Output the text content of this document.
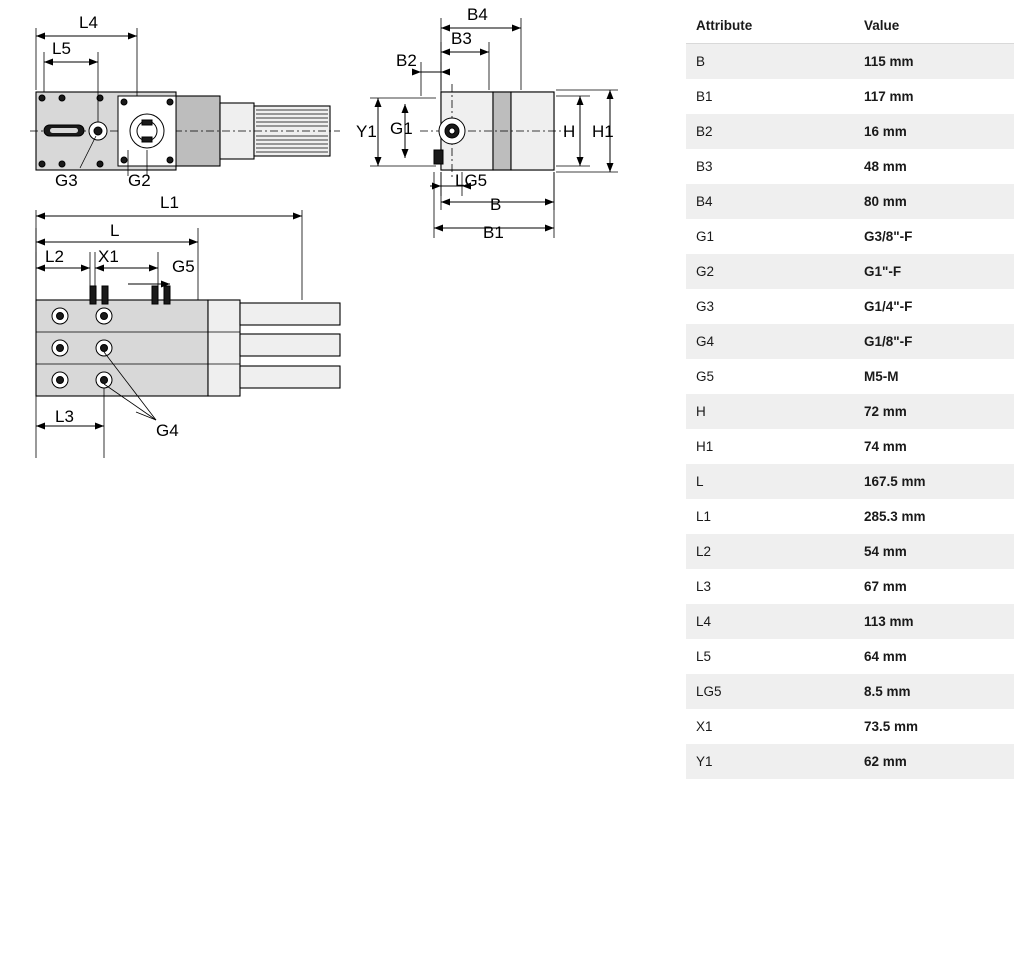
L4
L5
G3	G2
B4
B3
B2
Y1 G1	H H1
LG5
B
B1
L1
L
L2 X1
G5
L3
G4
Attribute	Value
B	115 mm
B1	117 mm
B2	16 mm
B3	48 mm
B4	80 mm
G1	G3/8"-F
G2	G1"-F
G3	G1/4"-F
G4	G1/8"-F
G5	M5-M
H	72 mm
H1	74 mm
L	167.5 mm
L1	285.3 mm
L2	54 mm
L3	67 mm
L4	113 mm
L5	64 mm
LG5	8.5 mm
X1	73.5 mm
Y1	62 mm
